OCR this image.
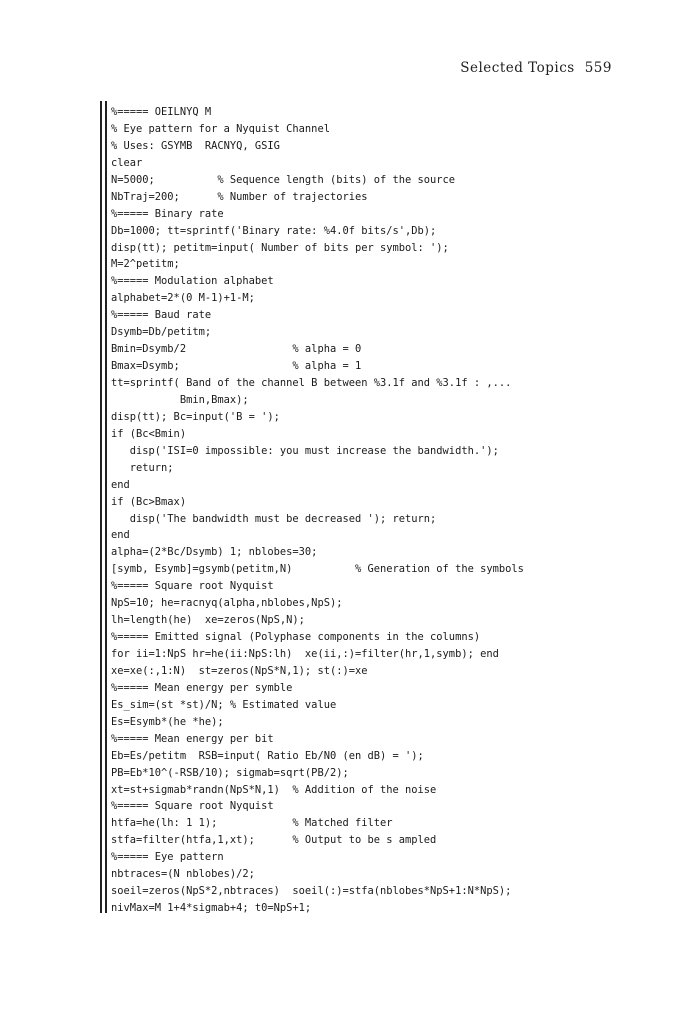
Selected Topics 559
%===== OEILNYQ M
% Eye pattern for a Nyquist Channel
% Uses: GSYMB  RACNYQ, GSIG
clear
N=5000;          % Sequence length (bits) of the source
NbTraj=200;      % Number of trajectories
%===== Binary rate
Db=1000; tt=sprintf('Binary rate: %4.0f bits/s',Db);
disp(tt); petitm=input( Number of bits per symbol: ');
M=2^petitm;
%===== Modulation alphabet
alphabet=2*(0 M-1)+1-M;
%===== Baud rate
Dsymb=Db/petitm;
Bmin=Dsymb/2                 % alpha = 0
Bmax=Dsymb;                  % alpha = 1
tt=sprintf( Band of the channel B between %3.1f and %3.1f : ,...
Bmin,Bmax);
disp(tt); Bc=input('B = ');
if (Bc<Bmin)
disp('ISI=0 impossible: you must increase the bandwidth.');
return;
end
if (Bc>Bmax)
disp('The bandwidth must be decreased '); return;
end
alpha=(2*Bc/Dsymb) 1; nblobes=30;
[symb, Esymb]=gsymb(petitm,N)          % Generation of the symbols
%===== Square root Nyquist
NpS=10; he=racnyq(alpha,nblobes,NpS);
lh=length(he)  xe=zeros(NpS,N);
%===== Emitted signal (Polyphase components in the columns)
for ii=1:NpS hr=he(ii:NpS:lh)  xe(ii,:)=filter(hr,1,symb); end
xe=xe(:,1:N)  st=zeros(NpS*N,1); st(:)=xe
%===== Mean energy per symble
Es_sim=(st *st)/N; % Estimated value
Es=Esymb*(he *he);
%===== Mean energy per bit
Eb=Es/petitm  RSB=input( Ratio Eb/N0 (en dB) = ');
PB=Eb*10^(-RSB/10); sigmab=sqrt(PB/2);
xt=st+sigmab*randn(NpS*N,1)  % Addition of the noise
%===== Square root Nyquist
htfa=he(lh: 1 1);            % Matched filter
stfa=filter(htfa,1,xt);      % Output to be s ampled
%===== Eye pattern
nbtraces=(N nblobes)/2;
soeil=zeros(NpS*2,nbtraces)  soeil(:)=stfa(nblobes*NpS+1:N*NpS);
nivMax=M 1+4*sigmab+4; t0=NpS+1;
